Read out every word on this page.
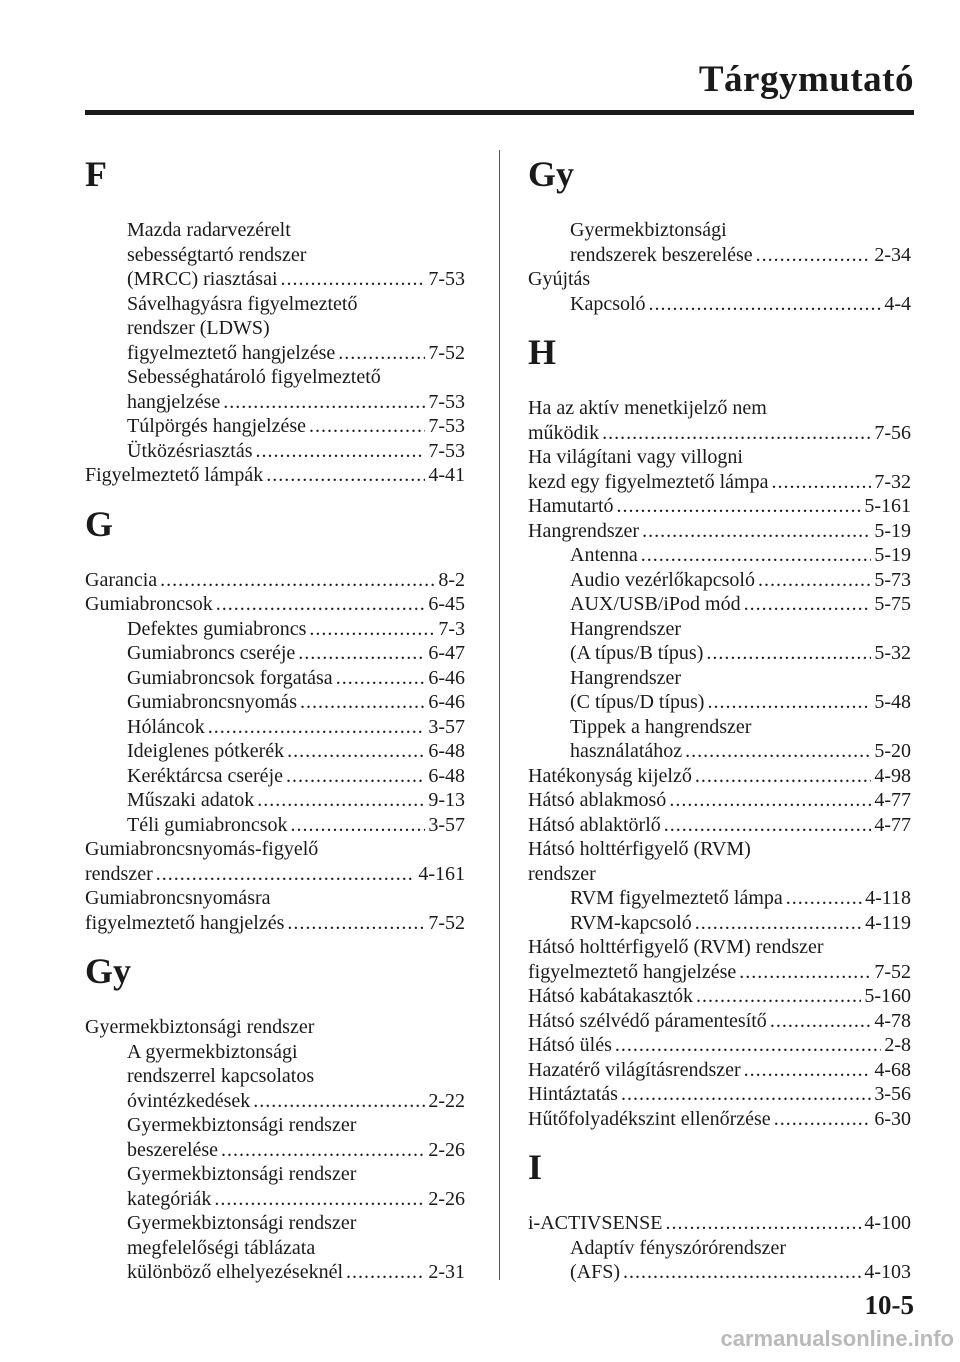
Tárgymutató
F
Mazda radarvezérelt
sebességtartó rendszer
(MRCC) riasztásai .....	7-53
Sávelhagyásra figyelmeztető
rendszer (LDWS)
figyelmeztető hangjelzése .....	7-52
Sebességhatároló figyelmeztető
hangjelzése .....	7-53
Túlpörgés hangjelzése .....	7-53
Ütközésriasztás .....	7-53
Figyelmeztető lámpák .....	4-41
G
Garancia .....	8-2
Gumiabroncsok .....	6-45
Defektes gumiabroncs .....	7-3
Gumiabroncs cseréje .....	6-47
Gumiabroncsok forgatása .....	6-46
Gumiabroncsnyomás .....	6-46
Hóláncok .....	3-57
Ideiglenes pótkerék .....	6-48
Keréktárcsa cseréje .....	6-48
Műszaki adatok .....	9-13
Téli gumiabroncsok .....	3-57
Gumiabroncsnyomás-figyelő
rendszer .....	4-161
Gumiabroncsnyomásra
figyelmeztető hangjelzés .....	7-52
Gy
Gyermekbiztonsági rendszer
A gyermekbiztonsági
rendszerrel kapcsolatos
óvintézkedések .....	2-22
Gyermekbiztonsági rendszer
beszerelése .....	2-26
Gyermekbiztonsági rendszer
kategóriák .....	2-26
Gyermekbiztonsági rendszer
megfelelőségi táblázata
különböző elhelyezéseknél .....	2-31
Gy
Gyermekbiztonsági
rendszerek beszerelése .....	2-34
Gyújtás
Kapcsoló .....	4-4
H
Ha az aktív menetkijelző nem
működik .....	7-56
Ha világítani vagy villogni
kezd egy figyelmeztető lámpa .....	7-32
Hamutartó .....	5-161
Hangrendszer .....	5-19
Antenna .....	5-19
Audio vezérlőkapcsoló .....	5-73
AUX/USB/iPod mód .....	5-75
Hangrendszer
(A típus/B típus) .....	5-32
Hangrendszer
(C típus/D típus) .....	5-48
Tippek a hangrendszer
használatához .....	5-20
Hatékonyság kijelző .....	4-98
Hátsó ablakmosó .....	4-77
Hátsó ablaktörlő .....	4-77
Hátsó holttérfigyelő (RVM)
rendszer
RVM figyelmeztető lámpa .....	4-118
RVM-kapcsoló .....	4-119
Hátsó holttérfigyelő (RVM) rendszer
figyelmeztető hangjelzése .....	7-52
Hátsó kabátakasztók .....	5-160
Hátsó szélvédő páramentesítő .....	4-78
Hátsó ülés .....	2-8
Hazatérő világításrendszer .....	4-68
Hintáztatás .....	3-56
Hűtőfolyadékszint ellenőrzése .....	6-30
I
i-ACTIVSENSE .....	4-100
Adaptív fényszórórendszer
(AFS) .....	4-103
10-5
carmanualsonline.info
